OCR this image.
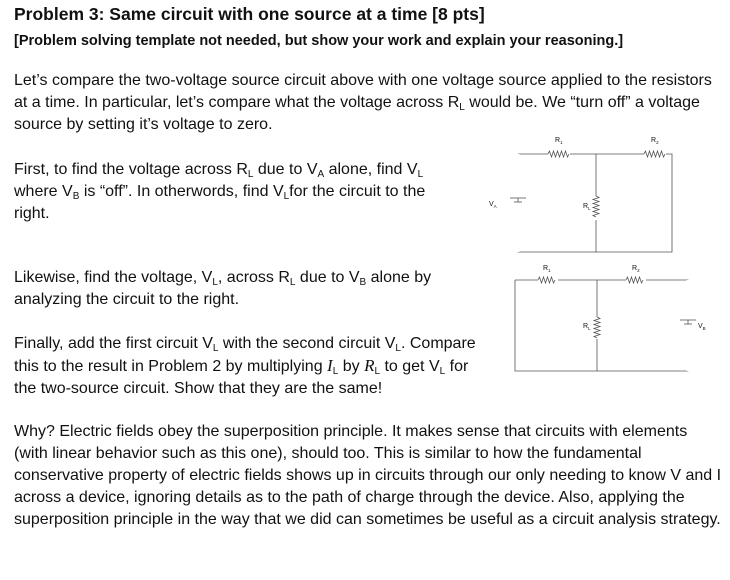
Problem 3: Same circuit with one source at a time [8 pts]

[Problem solving template not needed, but show your work and explain your reasoning.]

Let’s compare the two-voltage source circuit above with one voltage source applied to the resistors at a time. In particular, let’s compare what the voltage across $R_L$ would be. We “turn off” a voltage source by setting it’s voltage to zero.

First, to find the voltage across $R_L$ due to $V_A$ alone, find $V_L$ where $V_B$ is “off”. In otherwords, find $V_Lfor$ the circuit to the right.

Likewise, find the voltage, $V_L$, across $R_L$ due to $V_B$ alone by analyzing the circuit to the right.

Finally, add the first circuit $V_L$ with the second circuit $V_L$. Compare this to the result in Problem 2 by multiplying $I_L$ by $R_L$ to get $V_L$ for the two-source circuit. Show that they are the same!

Why? Electric fields obey the superposition principle. It makes sense that circuits with elements (with linear behavior such as this one), should too. This is similar to how the fundamental conservative property of electric fields shows up in circuits through our only needing to know V and I across a device, ignoring details as to the path of charge through the device. Also, applying the superposition principle in the way that we did can sometimes be useful as a circuit analysis strategy.

$R_1$	$R_2$
$R_L$
$V_A$
$R_1$	$R_2$
$R_L$	$V_B$
